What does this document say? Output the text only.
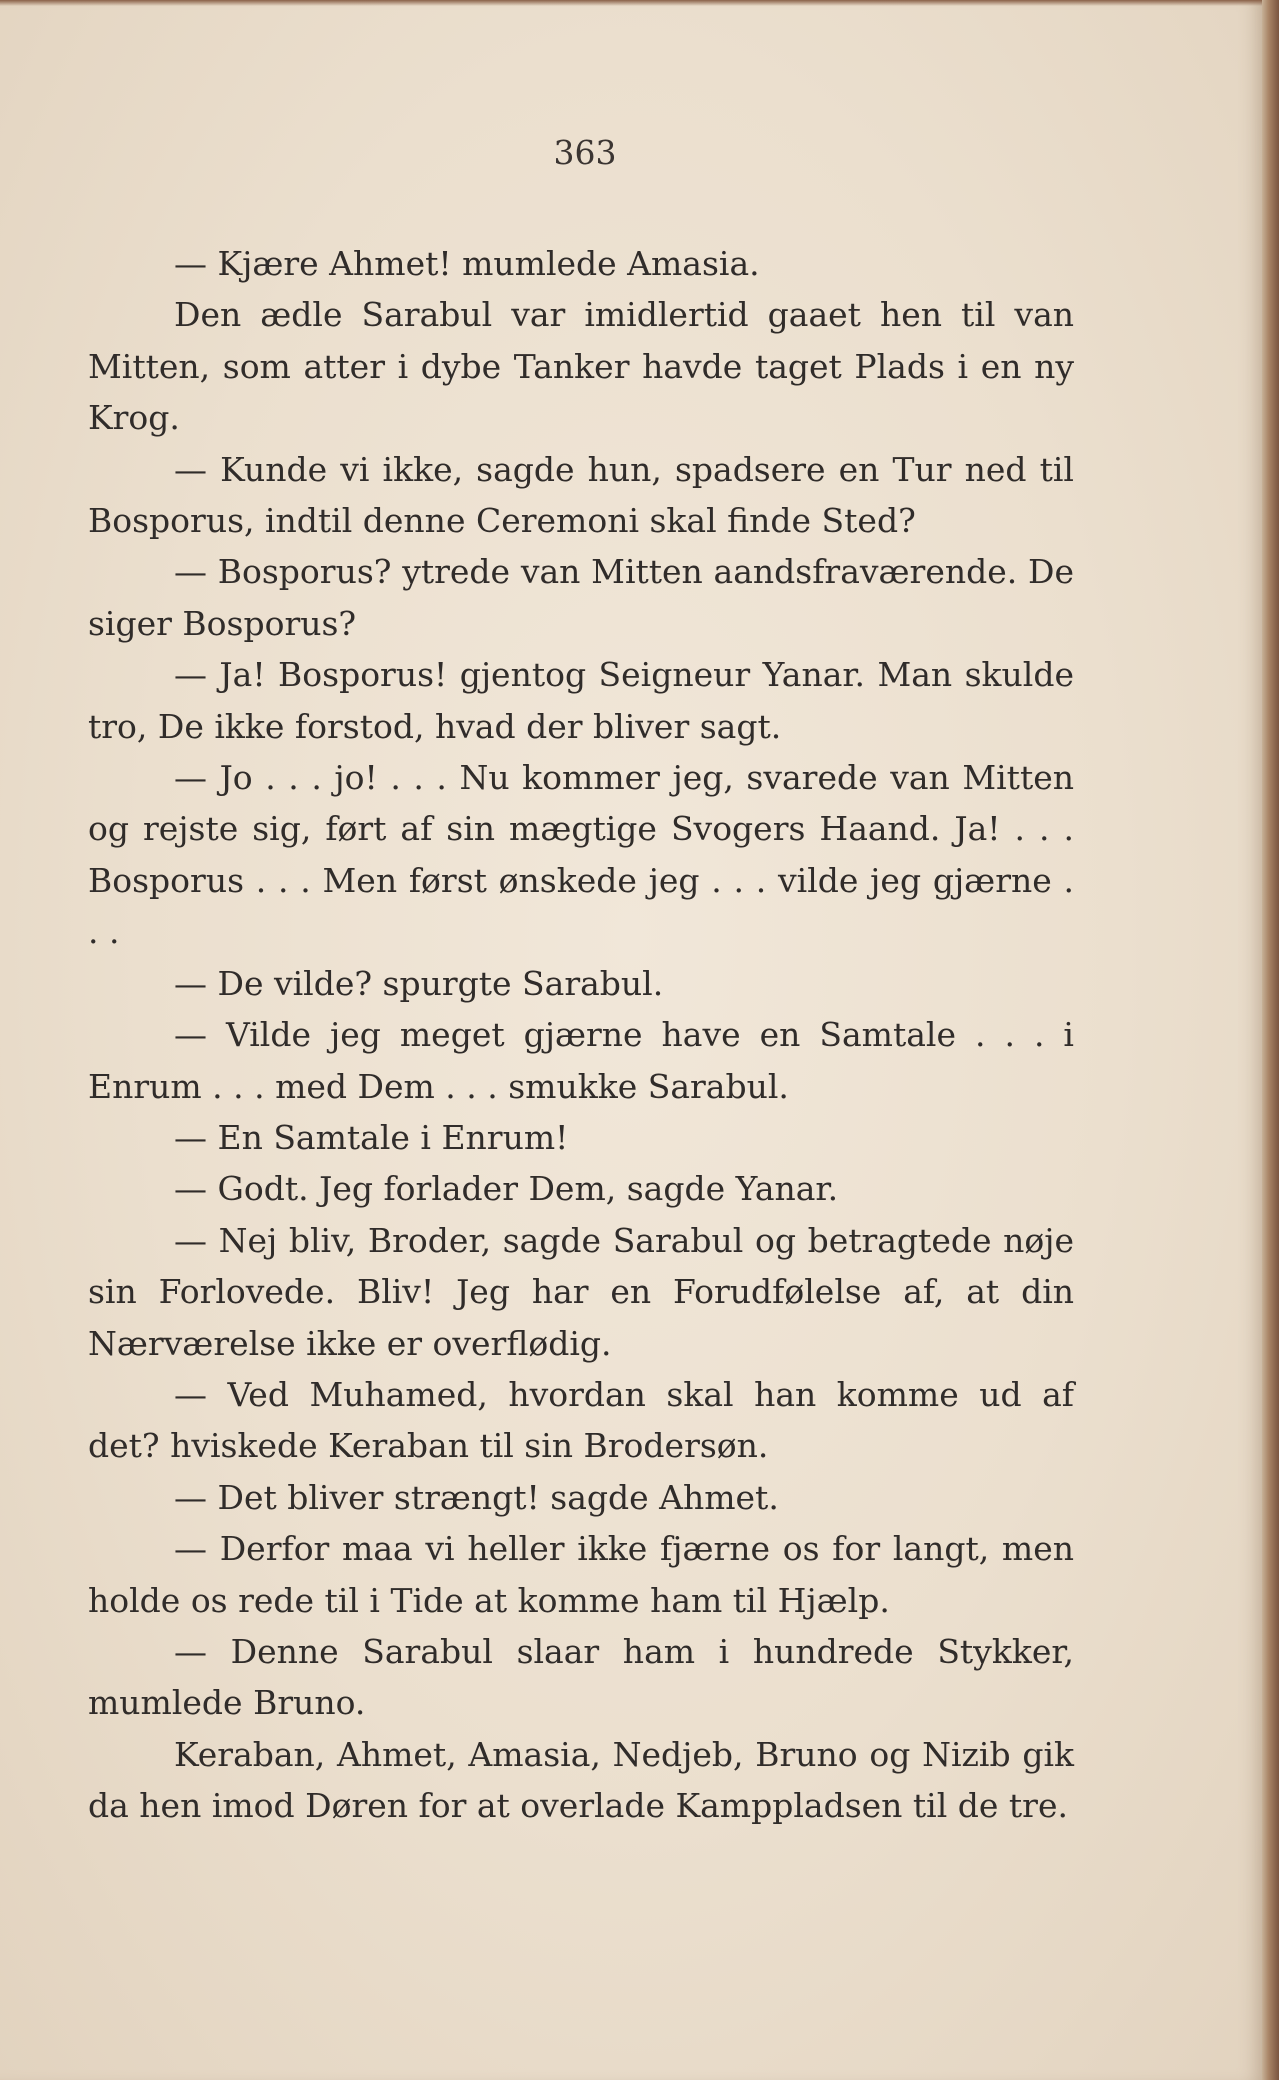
363

— Kjære Ahmet! mumlede Amasia.

Den ædle Sarabul var imidlertid gaaet hen til van Mitten, som atter i dybe Tanker havde taget Plads i en ny Krog.

— Kunde vi ikke, sagde hun, spadsere en Tur ned til Bosporus, indtil denne Ceremoni skal finde Sted?

— Bosporus? ytrede van Mitten aandsfraværende. De siger Bosporus?

— Ja! Bosporus! gjentog Seigneur Yanar. Man skulde tro, De ikke forstod, hvad der bliver sagt.

— Jo . . . jo! . . . Nu kommer jeg, svarede van Mitten og rejste sig, ført af sin mægtige Svogers Haand. Ja! . . . Bosporus . . . Men først ønskede jeg . . . vilde jeg gjærne . . .

— De vilde? spurgte Sarabul.

— Vilde jeg meget gjærne have en Samtale . . . i Enrum . . . med Dem . . . smukke Sarabul.

— En Samtale i Enrum!

— Godt. Jeg forlader Dem, sagde Yanar.

— Nej bliv, Broder, sagde Sarabul og betragtede nøje sin Forlovede. Bliv! Jeg har en Forudfølelse af, at din Nærværelse ikke er overflødig.

— Ved Muhamed, hvordan skal han komme ud af det? hviskede Keraban til sin Brodersøn.

— Det bliver strængt! sagde Ahmet.

— Derfor maa vi heller ikke fjærne os for langt, men holde os rede til i Tide at komme ham til Hjælp.

— Denne Sarabul slaar ham i hundrede Stykker, mumlede Bruno.

Keraban, Ahmet, Amasia, Nedjeb, Bruno og Nizib gik da hen imod Døren for at overlade Kamppladsen til de tre.
